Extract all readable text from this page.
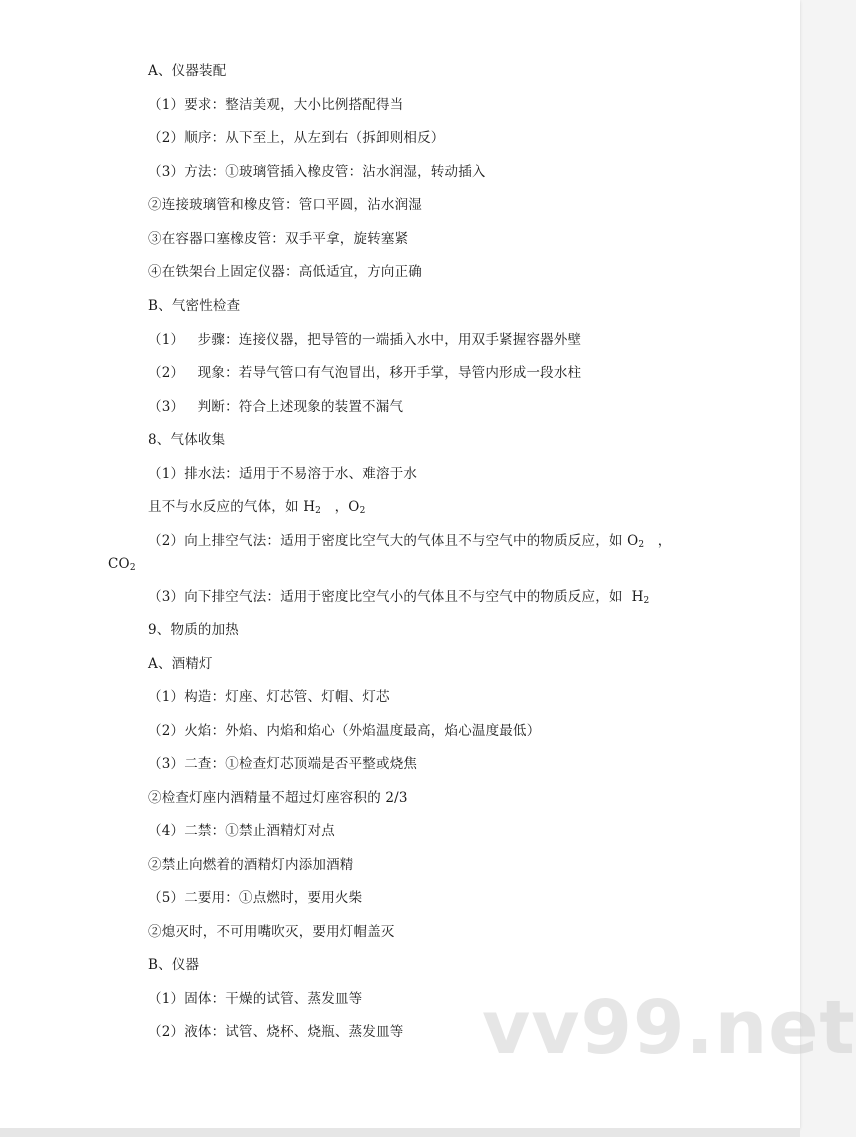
A、仪器装配
（1）要求：整洁美观，大小比例搭配得当
（2）顺序：从下至上，从左到右（拆卸则相反）
（3）方法：①玻璃管插入橡皮管：沾水润湿，转动插入
②连接玻璃管和橡皮管：管口平圆，沾水润湿
③在容器口塞橡皮管：双手平拿，旋转塞紧
④在铁架台上固定仪器：高低适宜，方向正确
B、气密性检查
（1）   步骤：连接仪器，把导管的一端插入水中，用双手紧握容器外壁
（2）   现象：若导气管口有气泡冒出，移开手掌，导管内形成一段水柱
（3）   判断：符合上述现象的装置不漏气
8、气体收集
（1）排水法：适用于不易溶于水、难溶于水
且不与水反应的气体，如 $H_2$   ，$O_2$
（2）向上排空气法：适用于密度比空气大的气体且不与空气中的物质反应，如 $O_2$   ，
$CO_2$
（3）向下排空气法：适用于密度比空气小的气体且不与空气中的物质反应，如  $H_2$
9、物质的加热
A、酒精灯
（1）构造：灯座、灯芯管、灯帽、灯芯
（2）火焰：外焰、内焰和焰心（外焰温度最高，焰心温度最低）
（3）二查：①检查灯芯顶端是否平整或烧焦
②检查灯座内酒精量不超过灯座容积的 2/3
（4）二禁：①禁止酒精灯对点
②禁止向燃着的酒精灯内添加酒精
（5）二要用：①点燃时，要用火柴
②熄灭时，不可用嘴吹灭，要用灯帽盖灭
B、仪器
（1）固体：干燥的试管、蒸发皿等
（2）液体：试管、烧杯、烧瓶、蒸发皿等 vv99.net
